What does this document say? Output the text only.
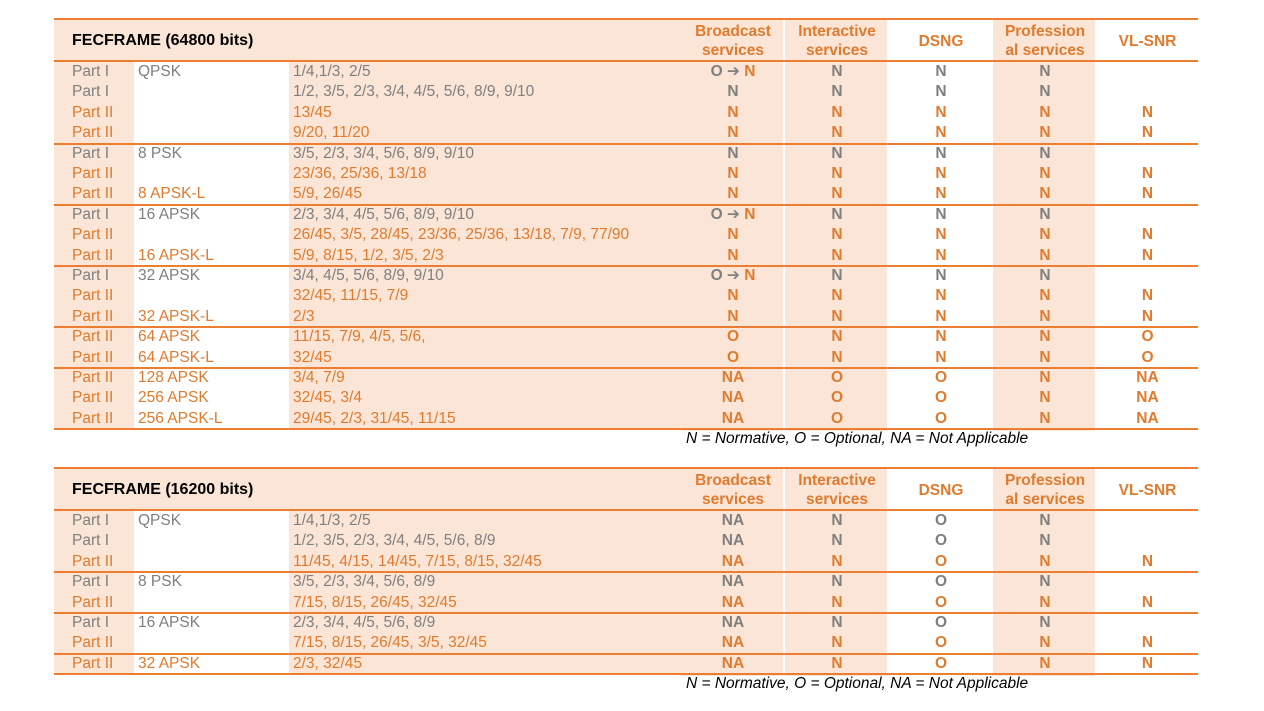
FECFRAME (64800 bits)
Broadcast
services
Interactive
services
DSNG
Profession
al services
VL-SNR
Part I QPSK	1/4,1/3, 2/5	O ➔ N	N	N	N
Part I	1/2, 3/5, 2/3, 3/4, 4/5, 5/6, 8/9, 9/10	N	N	N	N
Part II	13/45	N	N	N	N	N
Part II	9/20, 11/20	N	N	N	N	N
Part I 8 PSK	3/5, 2/3, 3/4, 5/6, 8/9, 9/10	N	N	N	N
Part II	23/36, 25/36, 13/18	N	N	N	N	N
Part II 8 APSK-L	5/9, 26/45	N	N	N	N	N
Part I 16 APSK	2/3, 3/4, 4/5, 5/6, 8/9, 9/10	O ➔ N	N	N	N
Part II	26/45, 3/5, 28/45, 23/36, 25/36, 13/18, 7/9, 77/90	N	N	N	N	N
Part II 16 APSK-L	5/9, 8/15, 1/2, 3/5, 2/3	N	N	N	N	N
Part I 32 APSK	3/4, 4/5, 5/6, 8/9, 9/10	O ➔ N	N	N	N
Part II	32/45, 11/15, 7/9	N	N	N	N	N
Part II 32 APSK-L	2/3	N	N	N	N	N
Part II 64 APSK	11/15, 7/9, 4/5, 5/6,	O	N	N	N	O
Part II 64 APSK-L	32/45	O	N	N	N	O
Part II 128 APSK	3/4, 7/9	NA	O	O	N	NA
Part II 256 APSK	32/45, 3/4	NA	O	O	N	NA
Part II 256 APSK-L	29/45, 2/3, 31/45, 11/15	NA	O	O	N	NA
N = Normative, O = Optional, NA = Not Applicable
FECFRAME (16200 bits)
Broadcast
services
Interactive
services
DSNG
Profession
al services
VL-SNR
Part I QPSK	1/4,1/3, 2/5	NA	N	O	N
Part I	1/2, 3/5, 2/3, 3/4, 4/5, 5/6, 8/9	NA	N	O	N
Part II	11/45, 4/15, 14/45, 7/15, 8/15, 32/45	NA	N	O	N	N
Part I 8 PSK	3/5, 2/3, 3/4, 5/6, 8/9	NA	N	O	N
Part II	7/15, 8/15, 26/45, 32/45	NA	N	O	N	N
Part I 16 APSK	2/3, 3/4, 4/5, 5/6, 8/9	NA	N	O	N
Part II	7/15, 8/15, 26/45, 3/5, 32/45	NA	N	O	N	N
Part II 32 APSK	2/3, 32/45	NA	N	O	N	N
N = Normative, O = Optional, NA = Not Applicable
